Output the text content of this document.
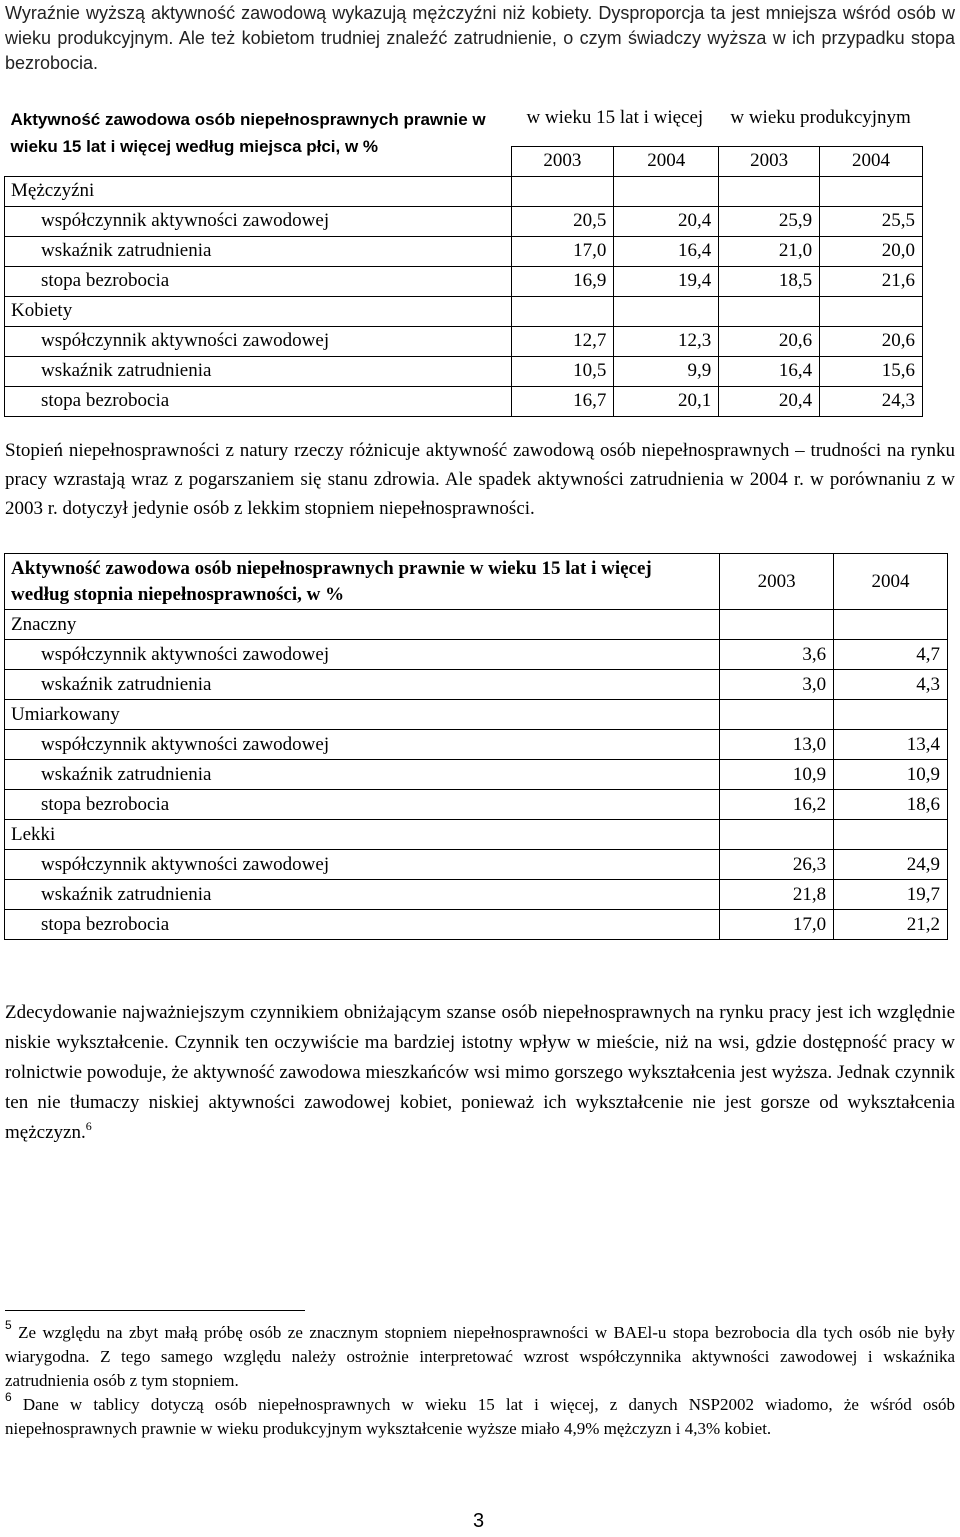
Wyraźnie wyższą aktywność zawodową wykazują mężczyźni niż kobiety. Dysproporcja ta jest mniejsza wśród osób w wieku produkcyjnym. Ale też kobietom trudniej znaleźć zatrudnienie, o czym świadczy wyższa w ich przypadku stopa bezrobocia.

Aktywność zawodowa osób niepełnosprawnych prawnie w wieku 15 lat i więcej według miejsca płci, w %	w wieku 15 lat i więcej		w wieku produkcyjnym	
	2003	2004	2003	2004
Mężczyźni				
współczynnik aktywności zawodowej	20,5	20,4	25,9	25,5
wskaźnik zatrudnienia	17,0	16,4	21,0	20,0
stopa bezrobocia	16,9	19,4	18,5	21,6
Kobiety				
współczynnik aktywności zawodowej	12,7	12,3	20,6	20,6
wskaźnik zatrudnienia	10,5	9,9	16,4	15,6
stopa bezrobocia	16,7	20,1	20,4	24,3

Stopień niepełnosprawności z natury rzeczy różnicuje aktywność zawodową osób niepełnosprawnych – trudności na rynku pracy wzrastają wraz z pogarszaniem się stanu zdrowia. Ale spadek aktywności zatrudnienia w 2004 r. w porównaniu z w 2003 r. dotyczył jedynie osób z lekkim stopniem niepełnosprawności.

Aktywność zawodowa osób niepełnosprawnych prawnie w wieku 15 lat i więcej według stopnia niepełnosprawności, w %	2003	2004
Znaczny		
współczynnik aktywności zawodowej	3,6	4,7
wskaźnik zatrudnienia	3,0	4,3
Umiarkowany		
współczynnik aktywności zawodowej	13,0	13,4
wskaźnik zatrudnienia	10,9	10,9
stopa bezrobocia	16,2	18,6
Lekki		
współczynnik aktywności zawodowej	26,3	24,9
wskaźnik zatrudnienia	21,8	19,7
stopa bezrobocia	17,0	21,2

Zdecydowanie najważniejszym czynnikiem obniżającym szanse osób niepełnosprawnych na rynku pracy jest ich względnie niskie wykształcenie. Czynnik ten oczywiście ma bardziej istotny wpływ w mieście, niż na wsi, gdzie dostępność pracy w rolnictwie powoduje, że aktywność zawodowa mieszkańców wsi mimo gorszego wykształcenia jest wyższa. Jednak czynnik ten nie tłumaczy niskiej aktywności zawodowej kobiet, ponieważ ich wykształcenie nie jest gorsze od wykształcenia mężczyzn.$^6$

$^5$ Ze względu na zbyt małą próbę osób ze znacznym stopniem niepełnosprawności w BAEl-u stopa bezrobocia dla tych osób nie były wiarygodna. Z tego samego względu należy ostrożnie interpretować wzrost współczynnika aktywności zawodowej i wskaźnika zatrudnienia osób z tym stopniem.

$^6$ Dane w tablicy dotyczą osób niepełnosprawnych w wieku 15 lat i więcej, z danych NSP2002 wiadomo, że wśród osób niepełnosprawnych prawnie w wieku produkcyjnym wykształcenie wyższe miało 4,9% mężczyzn i 4,3% kobiet.

3
